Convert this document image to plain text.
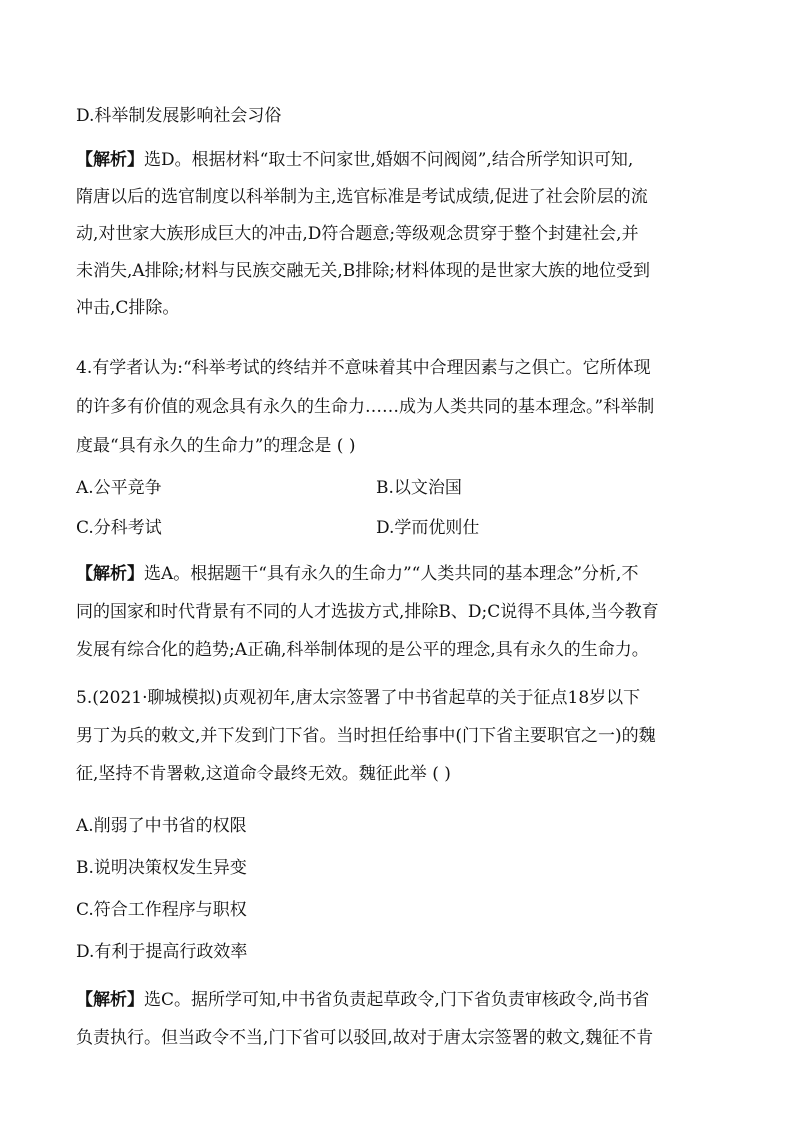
D.科举制发展影响社会习俗
【解析】选D。根据材料“取士不问家世,婚姻不问阀阅”,结合所学知识可知,
隋唐以后的选官制度以科举制为主,选官标准是考试成绩,促进了社会阶层的流
动,对世家大族形成巨大的冲击,D符合题意;等级观念贯穿于整个封建社会,并
未消失,A排除;材料与民族交融无关,B排除;材料体现的是世家大族的地位受到
冲击,C排除。
4.有学者认为:“科举考试的终结并不意味着其中合理因素与之俱亡。它所体现
的许多有价值的观念具有永久的生命力……成为人类共同的基本理念。”科举制
度最“具有永久的生命力”的理念是 ( )
A.公平竞争	B.以文治国
C.分科考试	D.学而优则仕
【解析】选A。根据题干“具有永久的生命力”“人类共同的基本理念”分析,不
同的国家和时代背景有不同的人才选拔方式,排除B、D;C说得不具体,当今教育
发展有综合化的趋势;A正确,科举制体现的是公平的理念,具有永久的生命力。
5.(2021·聊城模拟)贞观初年,唐太宗签署了中书省起草的关于征点18岁以下
男丁为兵的敕文,并下发到门下省。当时担任给事中(门下省主要职官之一)的魏
征,坚持不肯署敕,这道命令最终无效。魏征此举 ( )
A.削弱了中书省的权限
B.说明决策权发生异变
C.符合工作程序与职权
D.有利于提高行政效率
【解析】选C。据所学可知,中书省负责起草政令,门下省负责审核政令,尚书省
负责执行。但当政令不当,门下省可以驳回,故对于唐太宗签署的敕文,魏征不肯
